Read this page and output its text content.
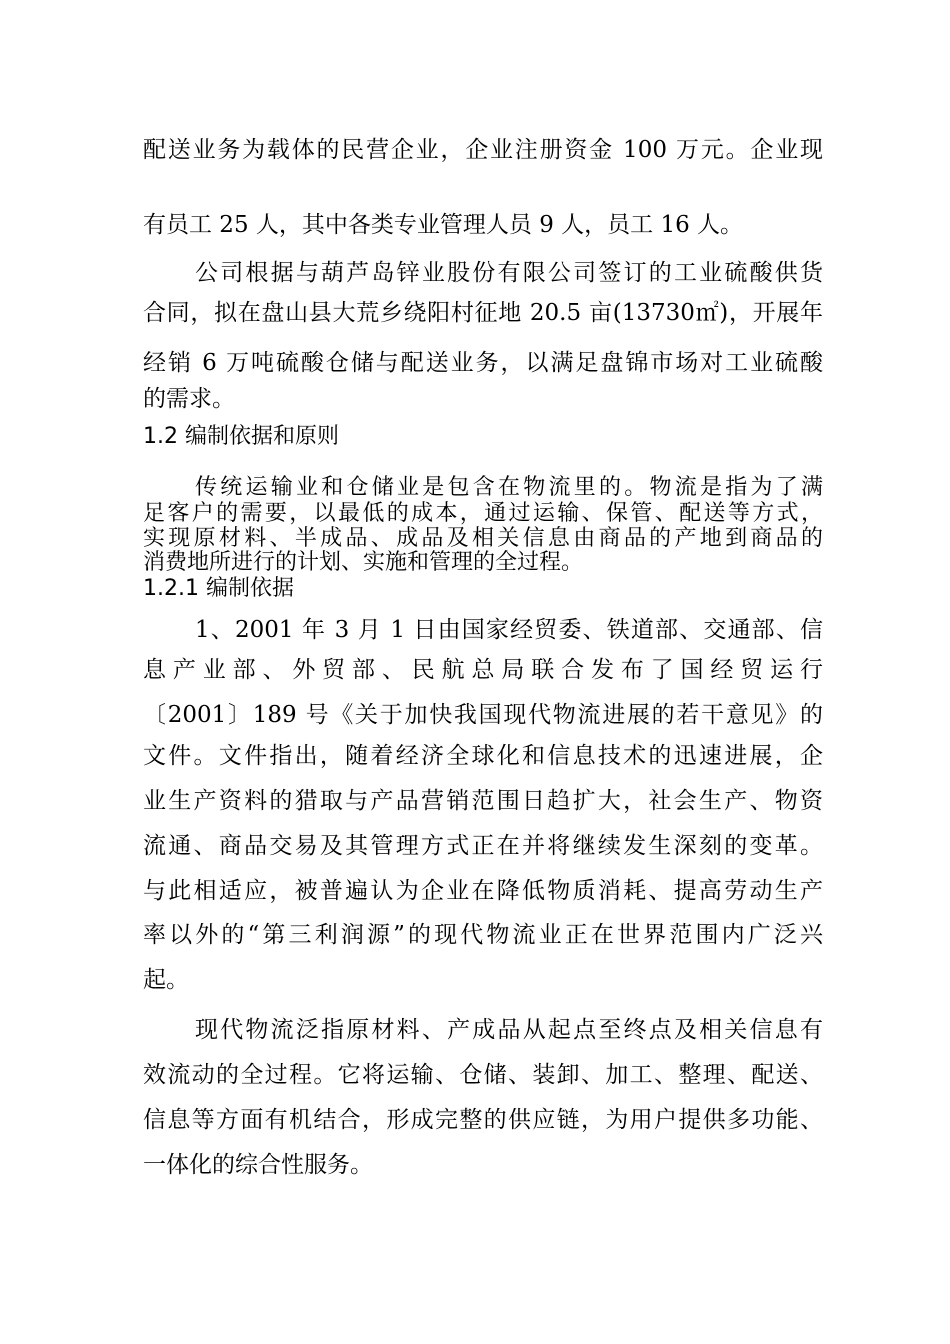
配送业务为载体的民营企业，企业注册资金 100 万元。企业现
有员工 25 人，其中各类专业管理人员 9 人，员工 16 人。
公司根据与葫芦岛锌业股份有限公司签订的工业硫酸供货
合同，拟在盘山县大荒乡绕阳村征地 20.5 亩(13730㎡)，开展年
经销 6 万吨硫酸仓储与配送业务，以满足盘锦市场对工业硫酸
的需求。
1.2 编制依据和原则
传统运输业和仓储业是包含在物流里的。物流是指为了满
足客户的需要，以最低的成本，通过运输、保管、配送等方式，
实现原材料、半成品、成品及相关信息由商品的产地到商品的
消费地所进行的计划、实施和管理的全过程。
1.2.1 编制依据
1、2001 年 3 月 1 日由国家经贸委、铁道部、交通部、信
息产业部、外贸部、民航总局联合发布了国经贸运行
〔2001〕189 号《关于加快我国现代物流进展的若干意见》的
文件。文件指出，随着经济全球化和信息技术的迅速进展，企
业生产资料的猎取与产品营销范围日趋扩大，社会生产、物资
流通、商品交易及其管理方式正在并将继续发生深刻的变革。
与此相适应，被普遍认为企业在降低物质消耗、提高劳动生产
率以外的“第三利润源”的现代物流业正在世界范围内广泛兴
起。
现代物流泛指原材料、产成品从起点至终点及相关信息有
效流动的全过程。它将运输、仓储、装卸、加工、整理、配送、
信息等方面有机结合，形成完整的供应链，为用户提供多功能、
一体化的综合性服务。
